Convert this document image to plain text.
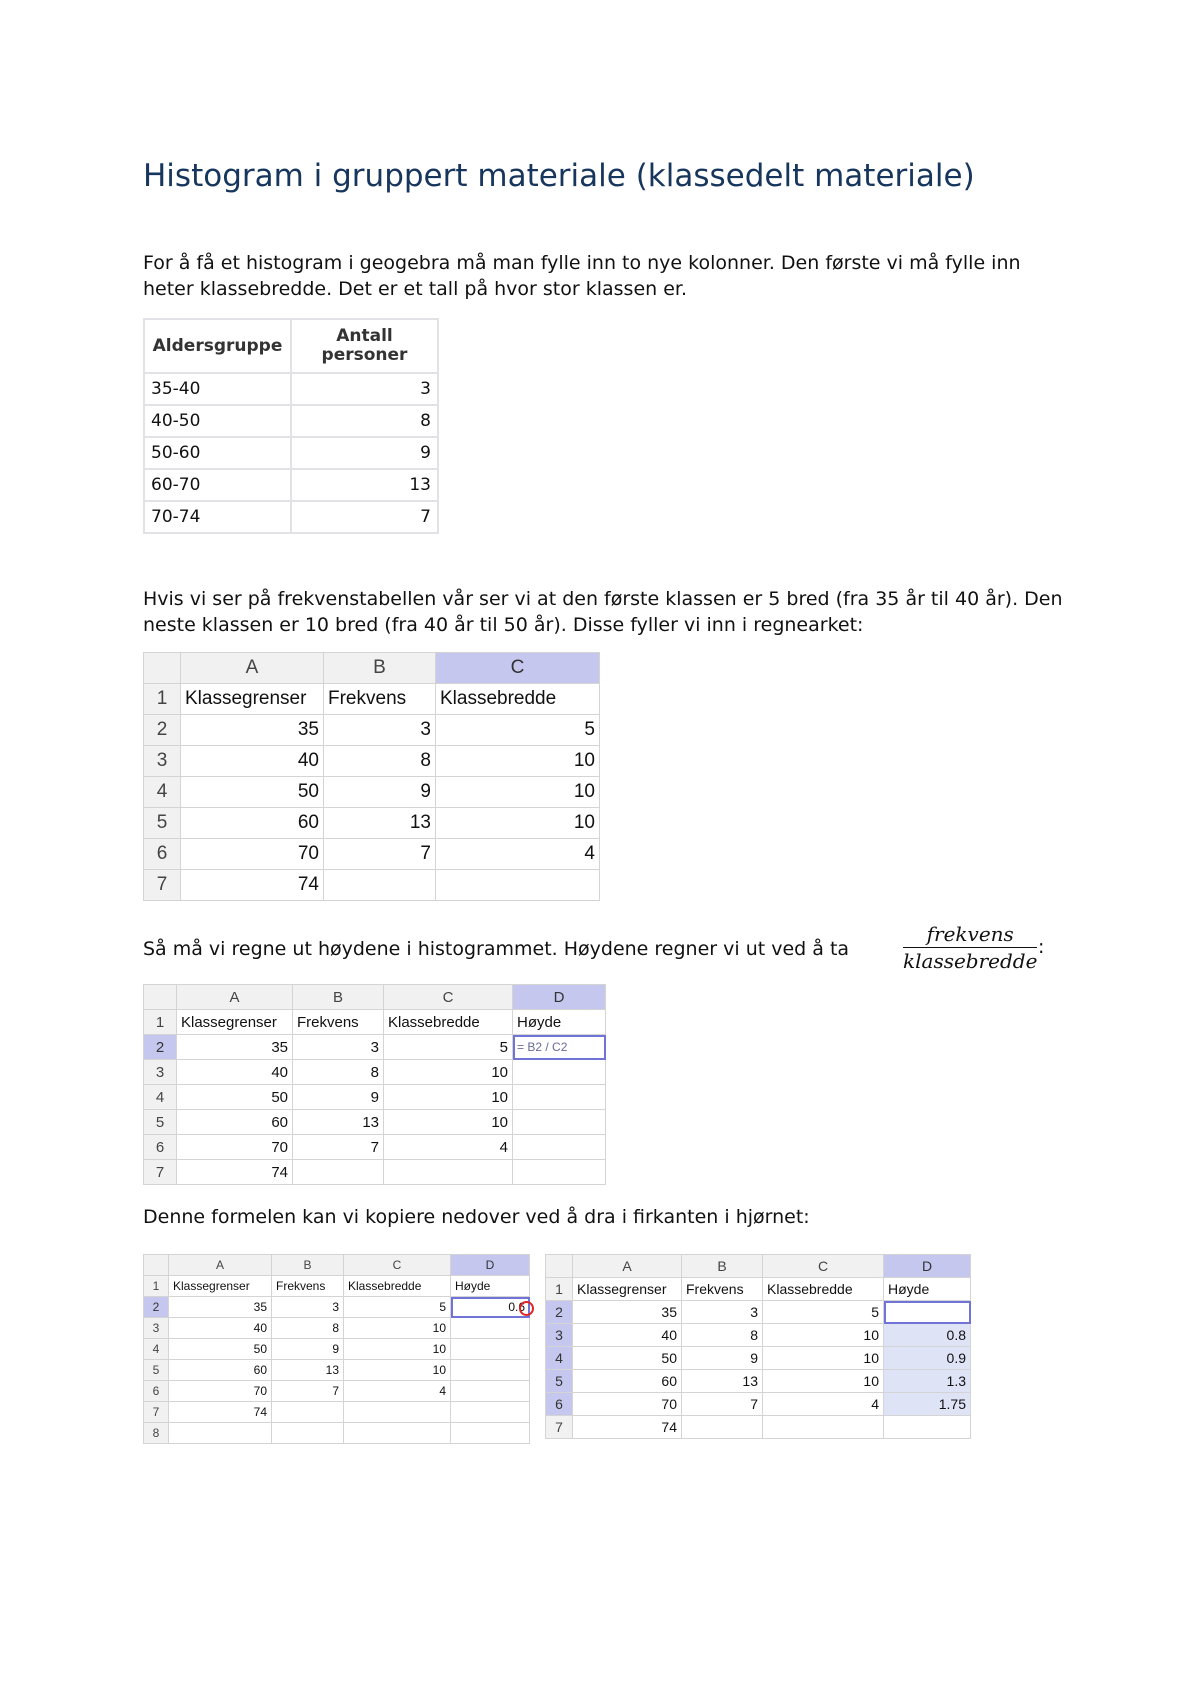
Histogram i gruppert materiale (klassedelt materiale)

For å få et histogram i geogebra må man fylle inn to nye kolonner. Den første vi må fylle inn heter klassebredde. Det er et tall på hvor stor klassen er.

Aldersgruppe	Antall personer
35-40	3
40-50	8
50-60	9
60-70	13
70-74	7

Hvis vi ser på frekvenstabellen vår ser vi at den første klassen er 5 bred (fra 35 år til 40 år). Den neste klassen er 10 bred (fra 40 år til 50 år). Disse fyller vi inn i regnearket:

	A	B	C
1	Klassegrenser	Frekvens	Klassebredde
2	35	3	5
3	40	8	10
4	50	9	10
5	60	13	10
6	70	7	4
7	74		

Så må vi regne ut høydene i histogrammet. Høydene regner vi ut ved å ta

frekvens
klassebredde
:
	A	B	C	D
1	Klassegrenser	Frekvens	Klassebredde	Høyde
2	35	3	5	= B2 / C2
3	40	8	10	
4	50	9	10	
5	60	13	10	
6	70	7	4	
7	74			

Denne formelen kan vi kopiere nedover ved å dra i firkanten i hjørnet:

	A	B	C	D
1	Klassegrenser	Frekvens	Klassebredde	Høyde
2	35	3	5	0.6
3	40	8	10	
4	50	9	10	
5	60	13	10	
6	70	7	4	
7	74			
8				
	A	B	C	D
1	Klassegrenser	Frekvens	Klassebredde	Høyde
2	35	3	5	
3	40	8	10	0.8
4	50	9	10	0.9
5	60	13	10	1.3
6	70	7	4	1.75
7	74			
